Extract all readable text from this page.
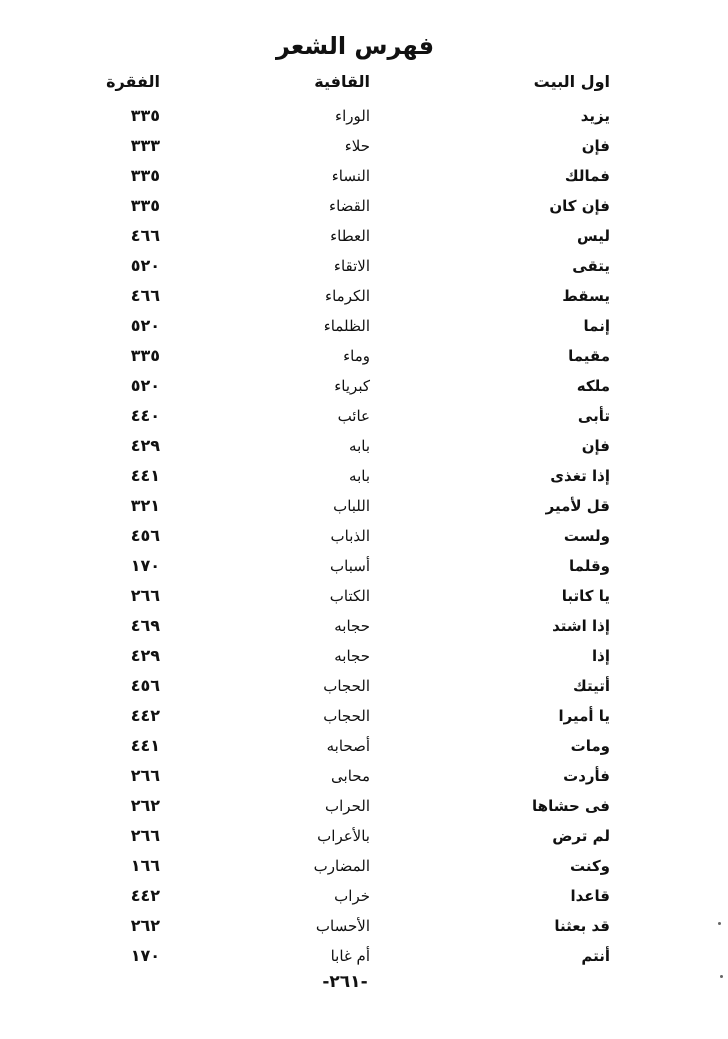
فهرس الشعر
اول البيت
القافية
الفقرة
يزيد
الوراء
٣٣٥
فإن
حلاء
٣٣٣
فمالك
النساء
٣٣٥
فإن كان
القضاء
٣٣٥
ليس
العطاء
٤٦٦
يتقى
الاتقاء
٥٢٠
يسقط
الكرماء
٤٦٦
إنما
الظلماء
٥٢٠
مقيما
وماء
٣٣٥
ملكه
كبرياء
٥٢٠
تأبى
عائب
٤٤٠
فإن
بابه
٤٢٩
إذا تغذى
بابه
٤٤١
قل لأمير
اللباب
٣٢١
ولست
الذباب
٤٥٦
وقلما
أسباب
١٧٠
يا كاتبا
الكتاب
٢٦٦
إذا اشتد
حجابه
٤٦٩
إذا
حجابه
٤٢٩
أتيتك
الحجاب
٤٥٦
يا أميرا
الحجاب
٤٤٢
ومات
أصحابه
٤٤١
فأردت
محابى
٢٦٦
فى حشاها
الحراب
٢٦٢
لم ترض
بالأعراب
٢٦٦
وكنت
المضارب
١٦٦
قاعدا
خراب
٤٤٢
قد بعثنا
الأحساب
٢٦٢
أنتم
أم غابا
١٧٠
-٢٦١-
